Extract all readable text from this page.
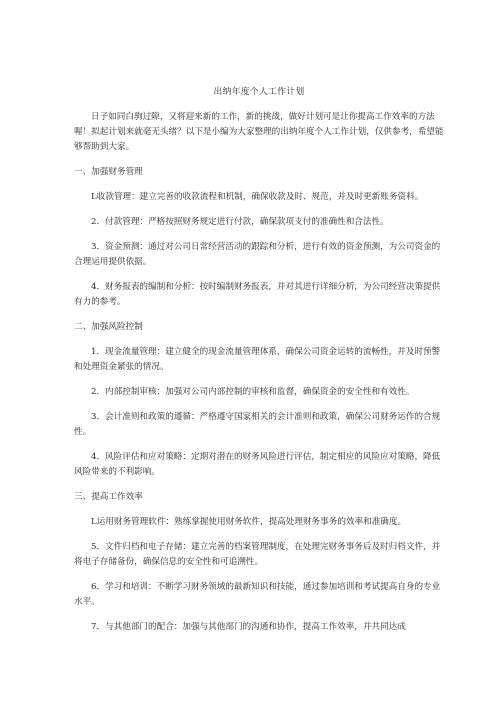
出纳年度个人工作计划

日子如同白驹过隙，又将迎来新的工作，新的挑战，做好计划可是让你提高工作效率的方法喔！拟起计划来就毫无头绪？以下是小编为大家整理的出纳年度个人工作计划，仅供参考，希望能够帮助到大家。

一、加强财务管理

L收款管理：建立完善的收款流程和机制，确保收款及时、规范，并及时更新账务资料。

2．付款管理：严格按照财务规定进行付款，确保款项支付的准确性和合法性。

3．资金预测：通过对公司日常经营活动的跟踪和分析，进行有效的资金预测，为公司资金的合理运用提供依据。

4．财务报表的编制和分析：按时编制财务报表，并对其进行详细分析，为公司经营决策提供有力的参考。

二、加强风险控制

1．现金流量管理：建立健全的现金流量管理体系，确保公司资金运转的流畅性，并及时预警和处理资金紧张的情况。

2．内部控制审核：加强对公司内部控制的审核和监督，确保资金的安全性和有效性。

3．会计准则和政策的遵循：严格遵守国家相关的会计准则和政策，确保公司财务运作的合规性。

4．风险评估和应对策略：定期对潜在的财务风险进行评估，制定相应的风险应对策略，降低风险带来的不利影响。

三、提高工作效率

L运用财务管理软件：熟练掌握使用财务软件，提高处理财务事务的效率和准确度。

5．文件归档和电子存储：建立完善的档案管理制度，在处理完财务事务后及时归档文件，并将电子存储备份，确保信息的安全性和可追溯性。

6．学习和培训：不断学习财务领域的最新知识和技能，通过参加培训和考试提高自身的专业水平。

7．与其他部门的配合：加强与其他部门的沟通和协作，提高工作效率，并共同达成
